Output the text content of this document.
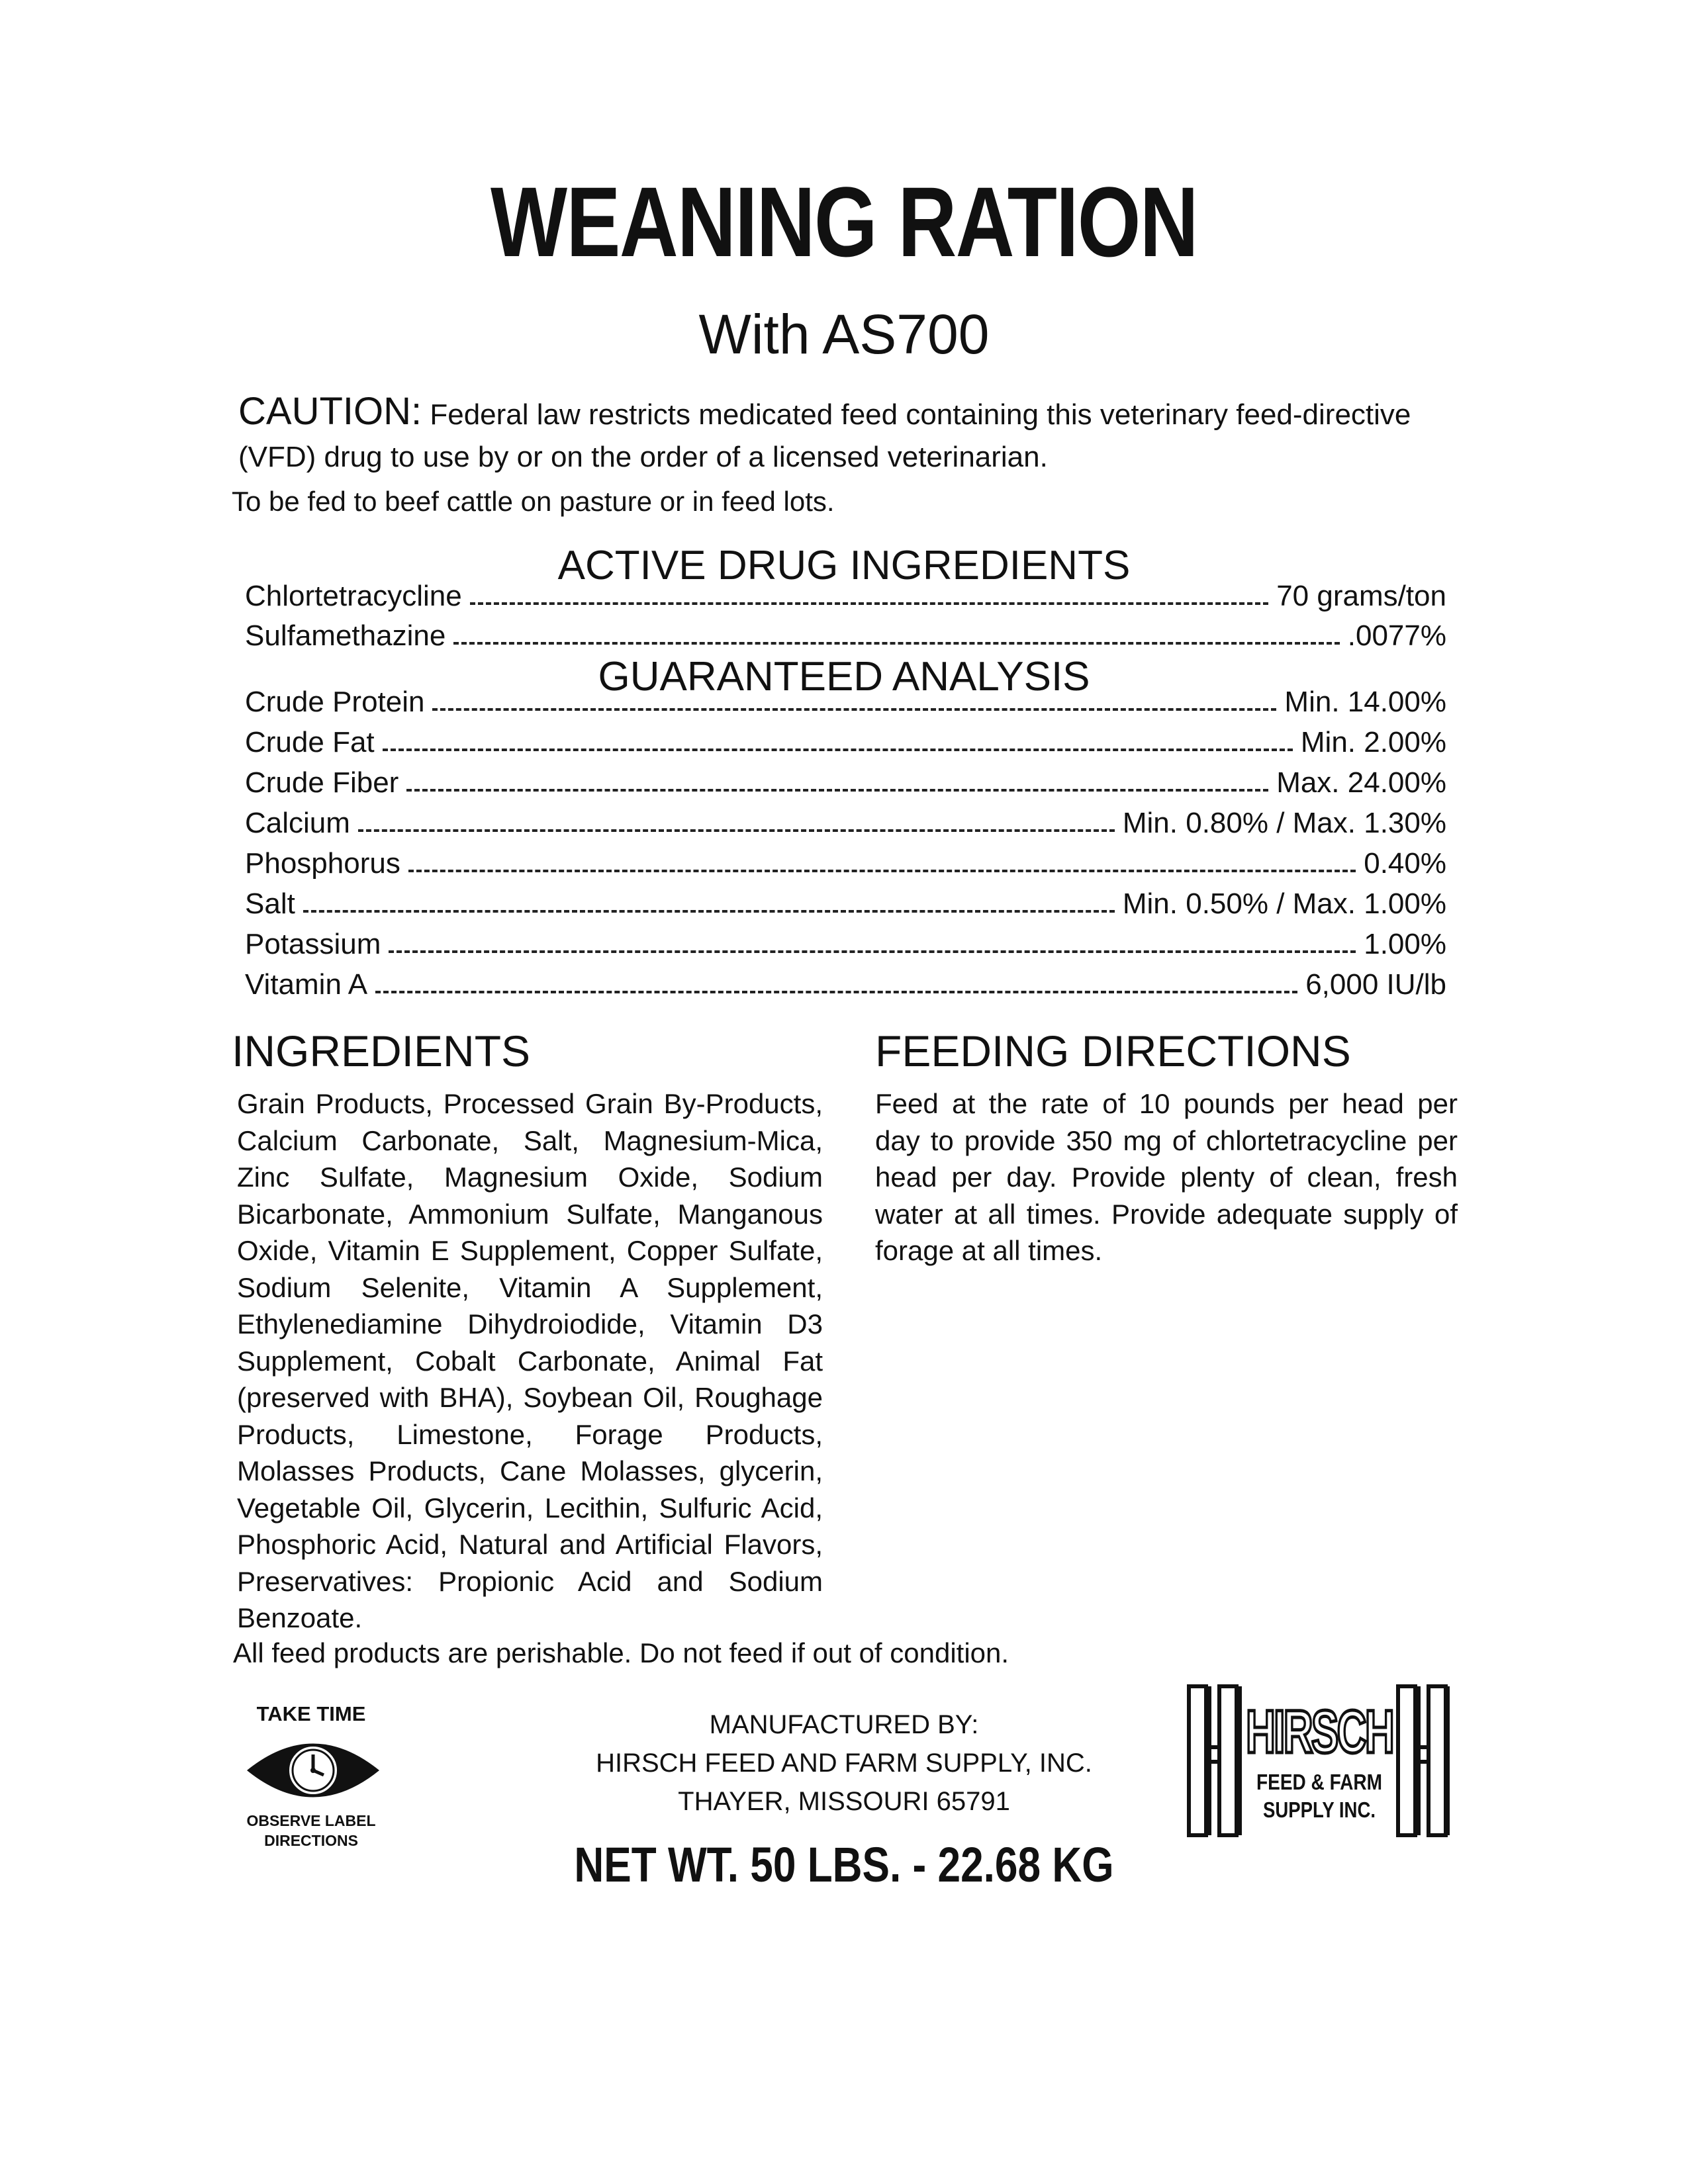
WEANING RATION
With AS700
CAUTION: Federal law restricts medicated feed containing this veterinary feed-directive (VFD) drug to use by or on the order of a licensed veterinarian.
To be fed to beef cattle on pasture or in feed lots.
ACTIVE DRUG INGREDIENTS
Chlortetracycline	70 grams/ton
Sulfamethazine	.0077%
GUARANTEED ANALYSIS
Crude Protein	Min. 14.00%
Crude Fat	Min. 2.00%
Crude Fiber	Max. 24.00%
Calcium	Min. 0.80% / Max. 1.30%
Phosphorus	0.40%
Salt	Min. 0.50% / Max. 1.00%
Potassium	1.00%
Vitamin A	6,000 IU/lb
INGREDIENTS
Grain Products, Processed Grain By-Products, Calcium Carbonate, Salt, Magnesium-Mica, Zinc Sulfate, Magnesium Oxide, Sodium Bicarbonate, Ammonium Sulfate, Manganous Oxide, Vitamin E Supplement, Copper Sulfate, Sodium Selenite, Vitamin A Supplement, Ethylenediamine Dihydroiodide, Vitamin D3 Supplement, Cobalt Carbonate, Animal Fat (preserved with BHA), Soybean Oil, Roughage Products, Limestone, Forage Products, Molasses Products, Cane Molasses, glycerin, Vegetable Oil, Glycerin, Lecithin, Sulfuric Acid, Phosphoric Acid, Natural and Artificial Flavors, Preservatives: Propionic Acid and Sodium Benzoate.
FEEDING DIRECTIONS
Feed at the rate of 10 pounds per head per day to provide 350 mg of chlortetracycline per head per day. Provide plenty of clean, fresh water at all times. Provide adequate supply of forage at all times.
All feed products are perishable. Do not feed if out of condition.
TAKE TIME
OBSERVE LABEL
DIRECTIONS
MANUFACTURED BY:
HIRSCH FEED AND FARM SUPPLY, INC.
THAYER, MISSOURI 65791
NET WT. 50 LBS. - 22.68 KG
HIRSCH
FEED & FARM
SUPPLY INC.
